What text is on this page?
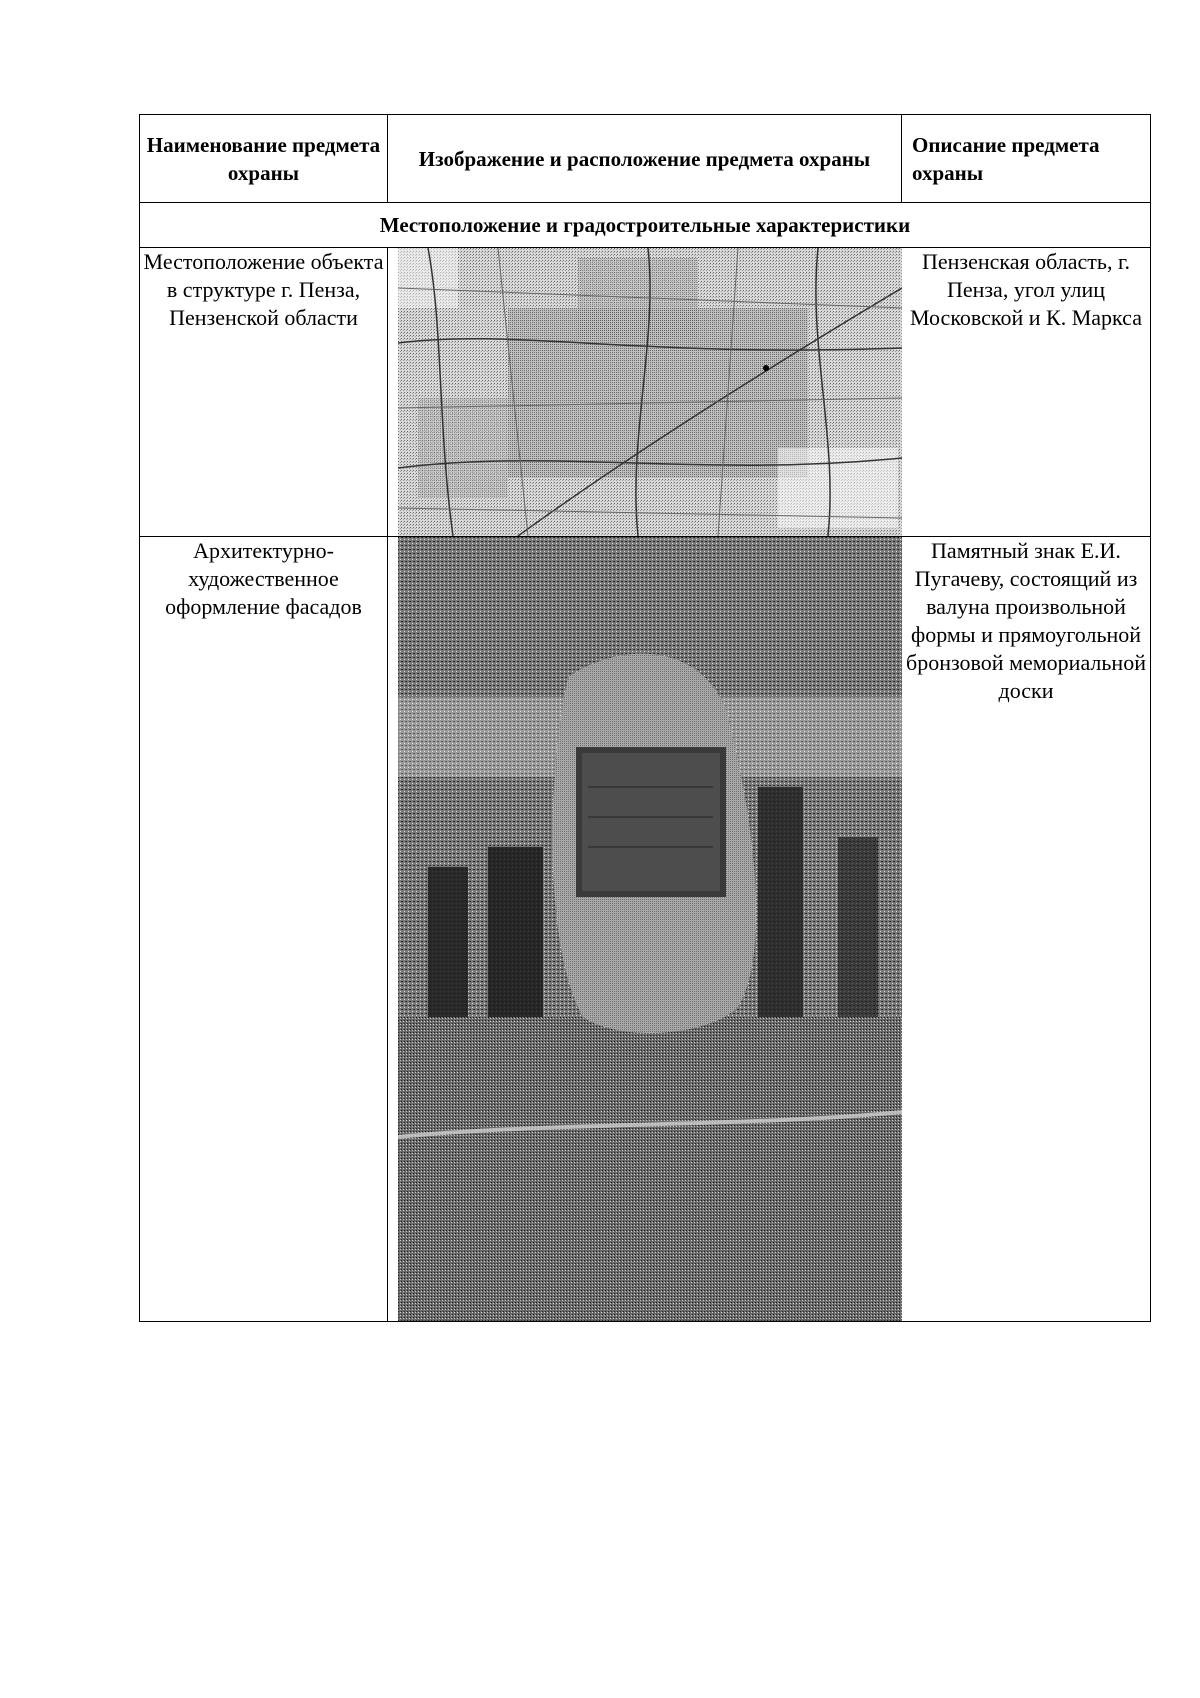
Наименование предмета охраны	Изображение и расположение предмета охраны	Описание предмета охраны
Местоположение и градостроительные характеристики		
Местоположение объекта в структуре г. Пенза, Пензенской области		Пензенская область, г. Пенза, угол улиц Московской и К. Маркса
Архитектурно-художественное оформление фасадов		Памятный знак Е.И. Пугачеву, состоящий из валуна произвольной формы и прямоугольной бронзовой мемориальной доски
